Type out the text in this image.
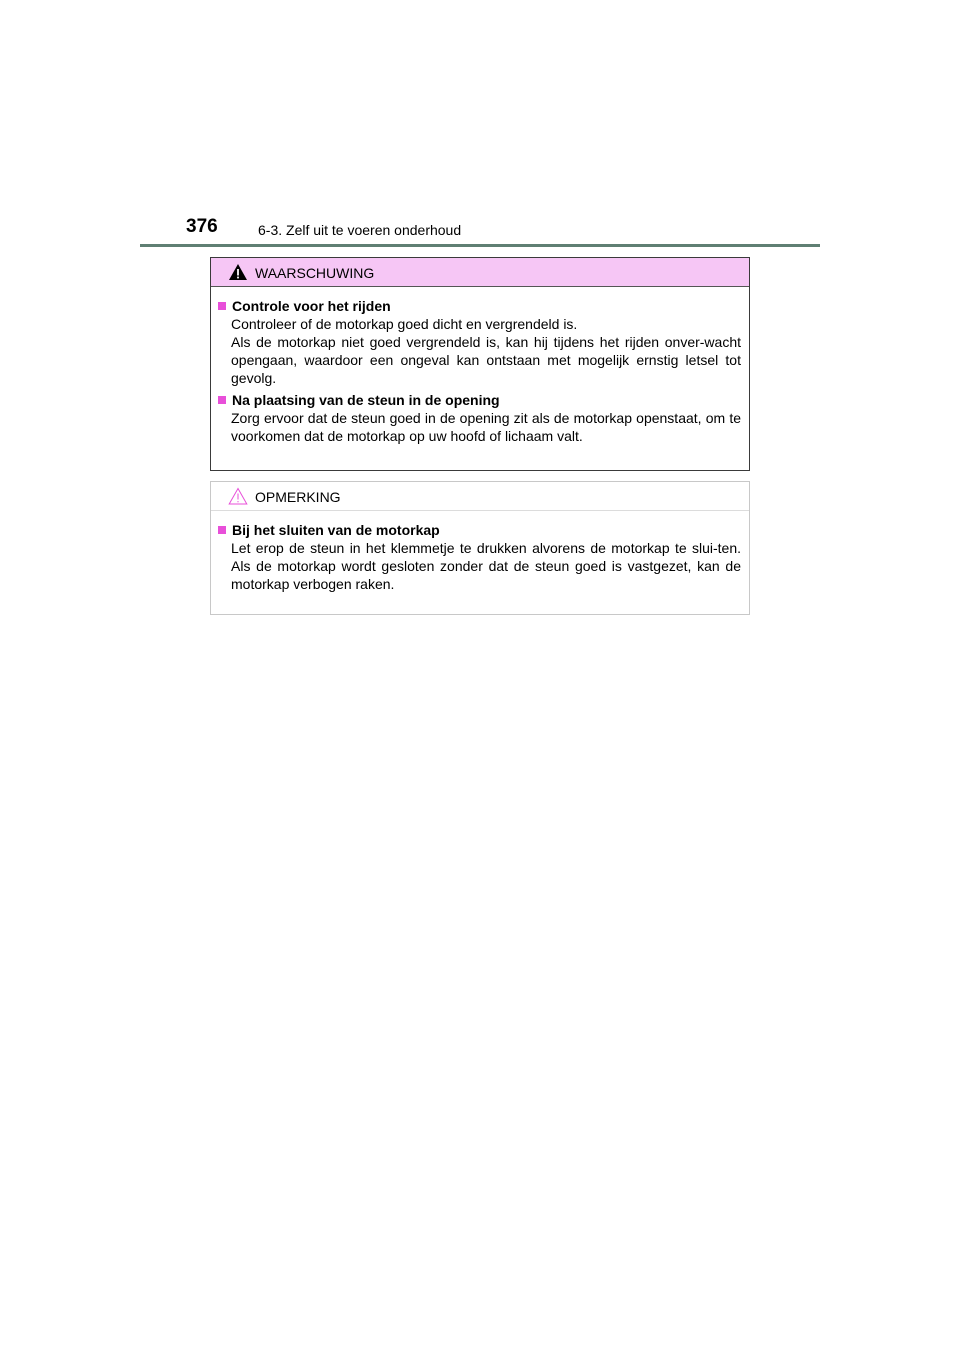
376	6-3. Zelf uit te voeren onderhoud
WAARSCHUWING
Controle voor het rijden

Controleer of de motorkap goed dicht en vergrendeld is.

Als de motorkap niet goed vergrendeld is, kan hij tijdens het rijden onver-wacht opengaan, waardoor een ongeval kan ontstaan met mogelijk ernstig letsel tot gevolg.

Na plaatsing van de steun in de opening

Zorg ervoor dat de steun goed in de opening zit als de motorkap openstaat, om te voorkomen dat de motorkap op uw hoofd of lichaam valt.

OPMERKING
Bij het sluiten van de motorkap

Let erop de steun in het klemmetje te drukken alvorens de motorkap te slui-ten. Als de motorkap wordt gesloten zonder dat de steun goed is vastgezet, kan de motorkap verbogen raken.
